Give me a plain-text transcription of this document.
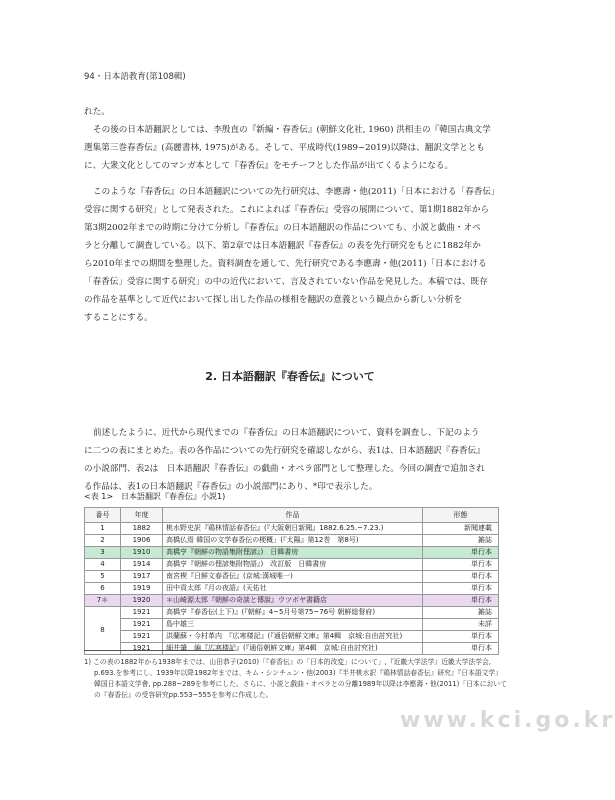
94・日本語教育(第108輯)
れた。
その後の日本語翻訳としては、李殷直の『新編・春香伝』(朝鮮文化社, 1960) 洪相圭の『韓国古典文学
選集第三巻春香伝』(高麗書林, 1975)がある。そして、平成時代(1989~2019)以降は、翻訳文学ととも
に、大衆文化としてのマンガ本として『春香伝』をモチーフとした作品が出てくるようになる。
このような『春香伝』の日本語翻訳についての先行研究は、李應壽・他(2011)「日本における「春香伝」
受容に関する研究」として発表された。これによれば『春香伝』受容の展開について、第1期1882年から
第3期2002年までの時期に分けて分析し『春香伝』の日本語翻訳の作品についても、小説と戯曲・オペ
ラと分離して調査している。以下、第2章では日本語翻訳『春香伝』の表を先行研究をもとに1882年か
ら2010年までの期間を整理した。資料調査を通して、先行研究である李應壽・他(2011)「日本における
「春香伝」受容に関する研究」の中の近代において、言及されていない作品を発見した。本稿では、既存
の作品を基準として近代において探し出した作品の様相を翻訳の意義という観点から新しい分析を
することにする。
2. 日本語翻訳『春香伝』について
前述したように、近代から現代までの『春香伝』の日本語翻訳について、資料を調査し、下記のよう
に二つの表にまとめた。表の各作品についての先行研究を確認しながら、表1は、日本語翻訳『春香伝』
の小説部門、表2は　日本語翻訳『春香伝』の戯曲・オペラ部門として整理した。今回の調査で追加され
る作品は、表1の日本語翻訳『春香伝』の小説部門にあり、*印で表示した。
<表 1>　日本語翻訳『春香伝』小説1)
番号	年度	作品	形態
1	1882	桃水野史訳『鶏林情話春香伝』(『大阪朝日新聞』1882.6.25.~7.23.)	新聞連載
2	1906	高橋仏焉 韓国の文学春香伝の梗概」(『太陽』第12巻　第8号)	雑誌
3	1910	高橋亨『朝鮮の物語集附俚諺』)　日韓書房	単行本
4	1914	高橋亨『朝鮮の俚諺集附物語』)　改訂版　日韓書房	単行本
5	1917	南宮楔『日鮮文春香伝』(京城:漢城唯一)	単行本
6	1919	田中貢太郎『月の夜語』(天佑社	単行本
7＊	1920	＊山崎源太郎『朝鮮の奇談と傳說』ウツボヤ書籍店	単行本
8	1921	高橋亨『春香伝(上下)』(『朝鮮』4~5月号第75~76号 朝鮮総督府)	雑誌
	1921	島中雄三	未詳
	1921	洪蘭蘇・今村革内　『広寒楼記』(『通俗朝鮮文庫』第4輯　京城:自由討究社)	単行本
	1921	細井肇　編『広寒楼記』(『通俗朝鮮文庫』第4輯　京城:自由討究社)	単行本
1) この表の1882年から1938年までは、山田恭子(2010)「『春香伝』の「日本的改変」について」,『近畿大学法学』近畿大学法学会, p.693.を参考にし、1939年以降1982年までは、キム・シンチュン・他(2003)『半井桃水訳『鶏林情話春香伝』研究』『日本語文学』韓国日本語文学會, pp.288~289を参考にした。さらに、小説と戯曲・オペラとの分離1989年以降は李應壽・他(2011)「日本においての『春香伝』の受容研究pp.553~555を参考に作成した。
www.kci.go.kr
